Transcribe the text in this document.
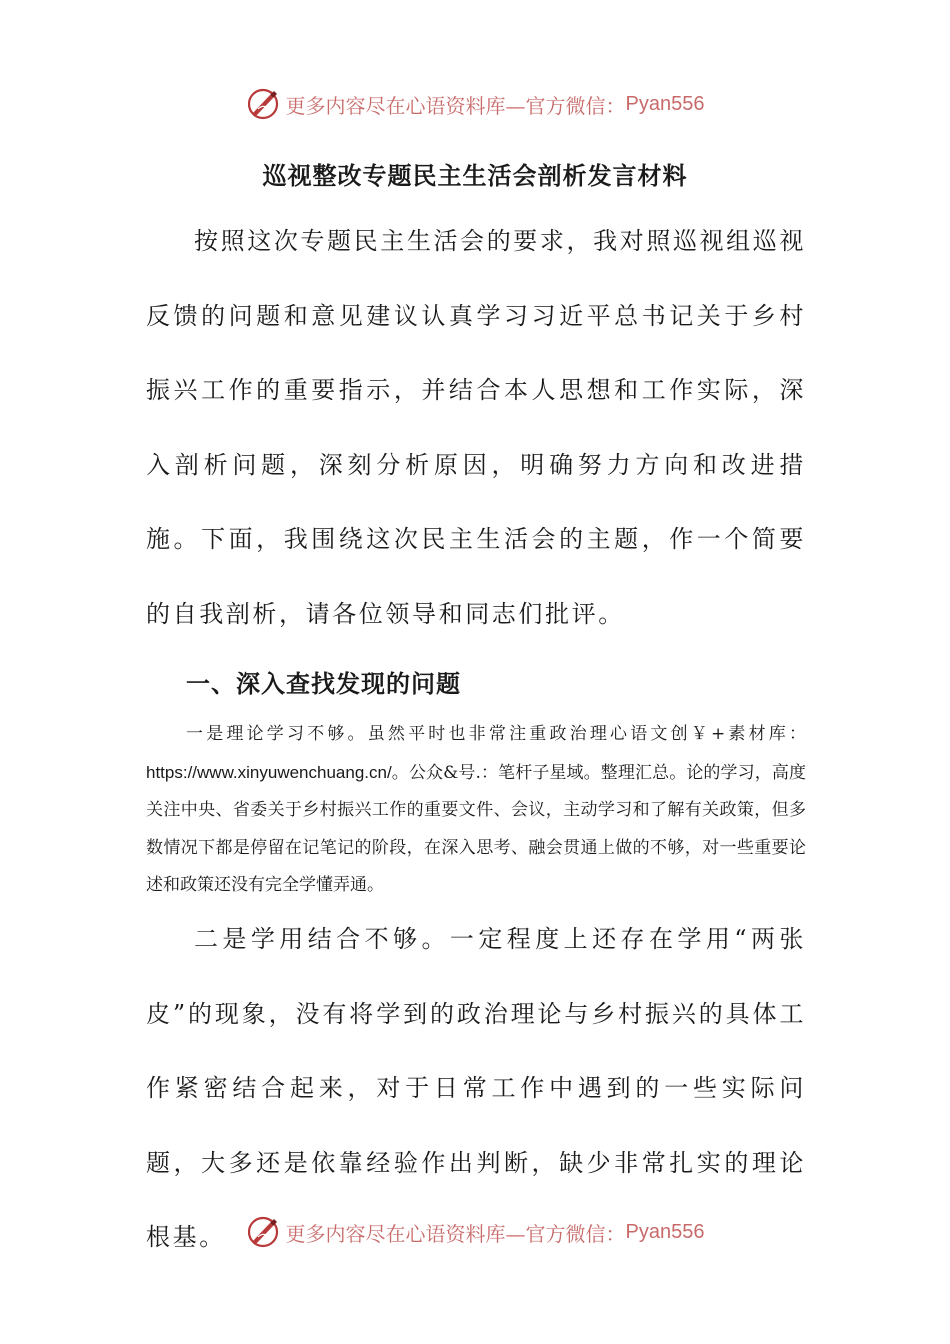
更多内容尽在心语资料库—官方微信： Pyan556
巡视整改专题民主生活会剖析发言材料

按照这次专题民主生活会的要求，我对照巡视组巡视反馈的问题和意见建议认真学习习近平总书记关于乡村振兴工作的重要指示，并结合本人思想和工作实际，深入剖析问题，深刻分析原因，明确努力方向和改进措施。下面，我围绕这次民主生活会的主题，作一个简要的自我剖析，请各位领导和同志们批评。

一、深入查找发现的问题

一是理论学习不够。虽然平时也非常注重政治理心语文创￥+素材库：https://www.xinyuwenchuang.cn/。公众&号.：笔杆子星域。整理汇总。论的学习，高度关注中央、省委关于乡村振兴工作的重要文件、会议，主动学习和了解有关政策，但多数情况下都是停留在记笔记的阶段，在深入思考、融会贯通上做的不够，对一些重要论述和政策还没有完全学懂弄通。

二是学用结合不够。一定程度上还存在学用“两张皮”的现象，没有将学到的政治理论与乡村振兴的具体工作紧密结合起来，对于日常工作中遇到的一些实际问题，大多还是依靠经验作出判断，缺少非常扎实的理论根基。	更多内容尽在心语资料库—官方微信： Pyan556
